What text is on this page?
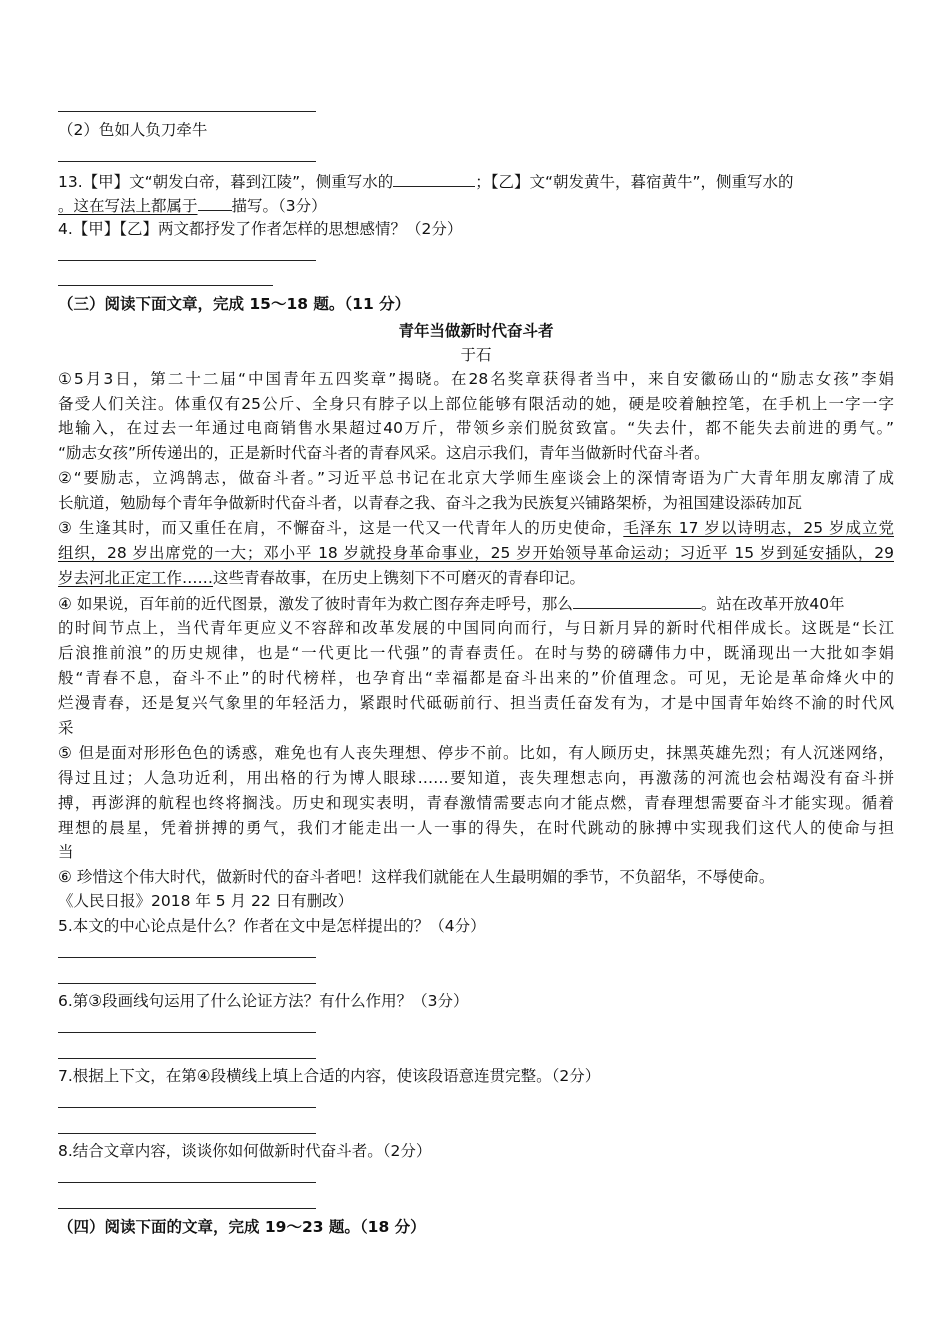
（2）色如人负刀牵牛
13.【甲】文“朝发白帝，暮到江陵”，侧重写水的	；【乙】文“朝发黄牛，暮宿黄牛”，侧重写水的
。这在写法上都属于 描写。（3分）
4.【甲】【乙】两文都抒发了作者怎样的思想感情？（2分）
（三）阅读下面文章，完成 15～18 题。（11 分）
青年当做新时代奋斗者
于石
①5月3日，第二十二届“中国青年五四奖章”揭晓。在28名奖章获得者当中，来自安徽砀山的“励志女孩”李娟
备受人们关注。体重仅有25公斤、全身只有脖子以上部位能够有限活动的她，硬是咬着触控笔，在手机上一字一字
地输入，在过去一年通过电商销售水果超过40万斤，带领乡亲们脱贫致富。“失去什，都不能失去前进的勇气。”
“励志女孩”所传递出的，正是新时代奋斗者的青春风采。这启示我们，青年当做新时代奋斗者。
②“要励志，立鸿鹄志，做奋斗者。”习近平总书记在北京大学师生座谈会上的深情寄语为广大青年朋友廓清了成
长航道，勉励每个青年争做新时代奋斗者，以青春之我、奋斗之我为民族复兴铺路架桥，为祖国建设添砖加瓦
③ 生逢其时，而又重任在肩，不懈奋斗，这是一代又一代青年人的历史使命，毛泽东 17 岁以诗明志，25 岁成立党
组织，28 岁出席党的一大；邓小平 18 岁就投身革命事业，25 岁开始领导革命运动；习近平 15 岁到延安插队，29
岁去河北正定工作……这些青春故事，在历史上镌刻下不可磨灭的青春印记。
④ 如果说，百年前的近代图景，激发了彼时青年为救亡图存奔走呼号，那么	。站在改革开放40年
的时间节点上，当代青年更应义不容辞和改革发展的中国同向而行，与日新月异的新时代相伴成长。这既是“长江
后浪推前浪”的历史规律，也是“一代更比一代强”的青春责任。在时与势的磅礴伟力中，既涌现出一大批如李娟
般“青春不息，奋斗不止”的时代榜样，也孕育出“幸福都是奋斗出来的”价值理念。可见，无论是革命烽火中的
烂漫青春，还是复兴气象里的年轻活力，紧跟时代砥砺前行、担当责任奋发有为，才是中国青年始终不渝的时代风
采
⑤ 但是面对形形色色的诱惑，难免也有人丧失理想、停步不前。比如，有人顾历史，抹黑英雄先烈；有人沉迷网络，
得过且过；人急功近利，用出格的行为博人眼球……要知道，丧失理想志向，再激荡的河流也会枯竭没有奋斗拼
搏，再澎湃的航程也终将搁浅。历史和现实表明，青春激情需要志向才能点燃，青春理想需要奋斗才能实现。循着
理想的晨星，凭着拼搏的勇气，我们才能走出一人一事的得失，在时代跳动的脉搏中实现我们这代人的使命与担
当
⑥ 珍惜这个伟大时代，做新时代的奋斗者吧！这样我们就能在人生最明媚的季节，不负韶华，不辱使命。
《人民日报》2018 年 5 月 22 日有删改）
5.本文的中心论点是什么？作者在文中是怎样提出的？（4分）
6.第③段画线句运用了什么论证方法？有什么作用？（3分）
7.根据上下文，在第④段横线上填上合适的内容，使该段语意连贯完整。（2分）
8.结合文章内容，谈谈你如何做新时代奋斗者。（2分）
（四）阅读下面的文章，完成 19～23 题。（18 分）
